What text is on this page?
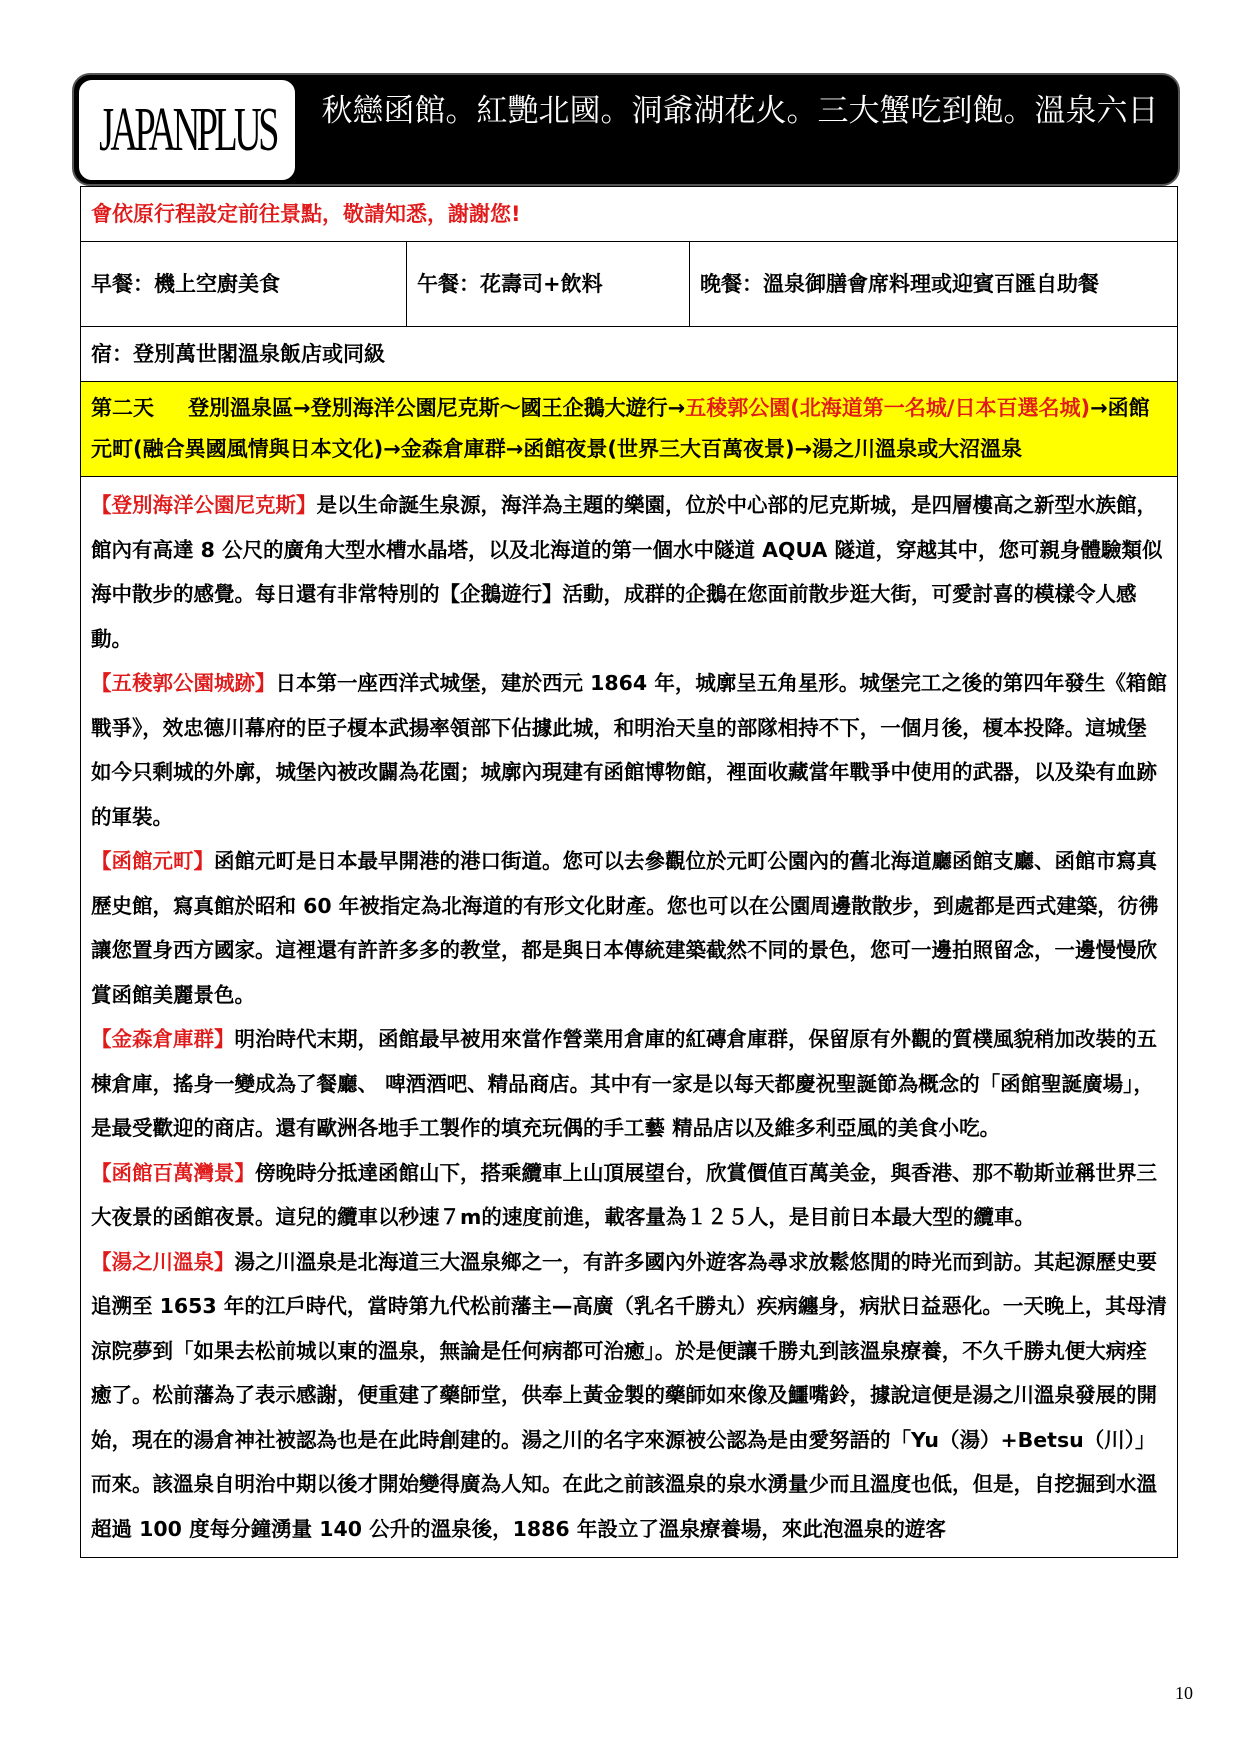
JAPANPLUS	秋戀函館。紅艷北國。洞爺湖花火。三大蟹吃到飽。溫泉六日
會依原行程設定前往景點，敬請知悉，謝謝您!
早餐：機上空廚美食	午餐：花壽司+飲料	晚餐：溫泉御膳會席料理或迎賓百匯自助餐
宿：登別萬世閣溫泉飯店或同級
第二天 登別溫泉區→登別海洋公園尼克斯～國王企鵝大遊行→五稜郭公園(北海道第一名城/日本百選名城)→函館元町(融合異國風情與日本文化)→金森倉庫群→函館夜景(世界三大百萬夜景)→湯之川溫泉或大沼溫泉

【登別海洋公園尼克斯】是以生命誕生泉源，海洋為主題的樂園，位於中心部的尼克斯城，是四層樓高之新型水族館，館內有高達 8 公尺的廣角大型水槽水晶塔，以及北海道的第一個水中隧道 AQUA 隧道，穿越其中，您可親身體驗類似海中散步的感覺。每日還有非常特別的【企鵝遊行】活動，成群的企鵝在您面前散步逛大街，可愛討喜的模樣令人感動。

【五稜郭公園城跡】日本第一座西洋式城堡，建於西元 1864 年，城廓呈五角星形。城堡完工之後的第四年發生《箱館戰爭》，效忠德川幕府的臣子榎本武揚率領部下佔據此城，和明治天皇的部隊相持不下，一個月後，榎本投降。這城堡如今只剩城的外廓，城堡內被改闢為花園；城廓內現建有函館博物館，裡面收藏當年戰爭中使用的武器，以及染有血跡的軍裝。

【函館元町】函館元町是日本最早開港的港口街道。您可以去參觀位於元町公園內的舊北海道廳函館支廳、函館市寫真歷史館，寫真館於昭和 60 年被指定為北海道的有形文化財產。您也可以在公園周邊散散步，到處都是西式建築，彷彿讓您置身西方國家。這裡還有許許多多的教堂，都是與日本傳統建築截然不同的景色，您可一邊拍照留念，一邊慢慢欣賞函館美麗景色。

【金森倉庫群】明治時代末期，函館最早被用來當作營業用倉庫的紅磚倉庫群，保留原有外觀的質樸風貌稍加改裝的五棟倉庫，搖身一變成為了餐廳、 啤酒酒吧、精品商店。其中有一家是以每天都慶祝聖誕節為概念的「函館聖誕廣場」，是最受歡迎的商店。還有歐洲各地手工製作的填充玩偶的手工藝 精品店以及維多利亞風的美食小吃。

【函館百萬灣景】傍晚時分抵達函館山下，搭乘纜車上山頂展望台，欣賞價值百萬美金，與香港、那不勒斯並稱世界三大夜景的函館夜景。這兒的纜車以秒速７m的速度前進，載客量為１２５人，是目前日本最大型的纜車。

【湯之川溫泉】湯之川溫泉是北海道三大溫泉鄉之一，有許多國內外遊客為尋求放鬆悠閒的時光而到訪。其起源歷史要追溯至 1653 年的江戶時代，當時第九代松前藩主—高廣（乳名千勝丸）疾病纏身，病狀日益惡化。一天晚上，其母清涼院夢到「如果去松前城以東的溫泉，無論是任何病都可治癒」。於是便讓千勝丸到該溫泉療養，不久千勝丸便大病痊癒了。松前藩為了表示感謝，便重建了藥師堂，供奉上黃金製的藥師如來像及鱷嘴鈴，據說這便是湯之川溫泉發展的開始，現在的湯倉神社被認為也是在此時創建的。湯之川的名字來源被公認為是由愛努語的「Yu（湯）+Betsu（川）」而來。該溫泉自明治中期以後才開始變得廣為人知。在此之前該溫泉的泉水湧量少而且溫度也低，但是，自挖掘到水溫超過 100 度每分鐘湧量 140 公升的溫泉後，1886 年設立了溫泉療養場，來此泡溫泉的遊客

10
